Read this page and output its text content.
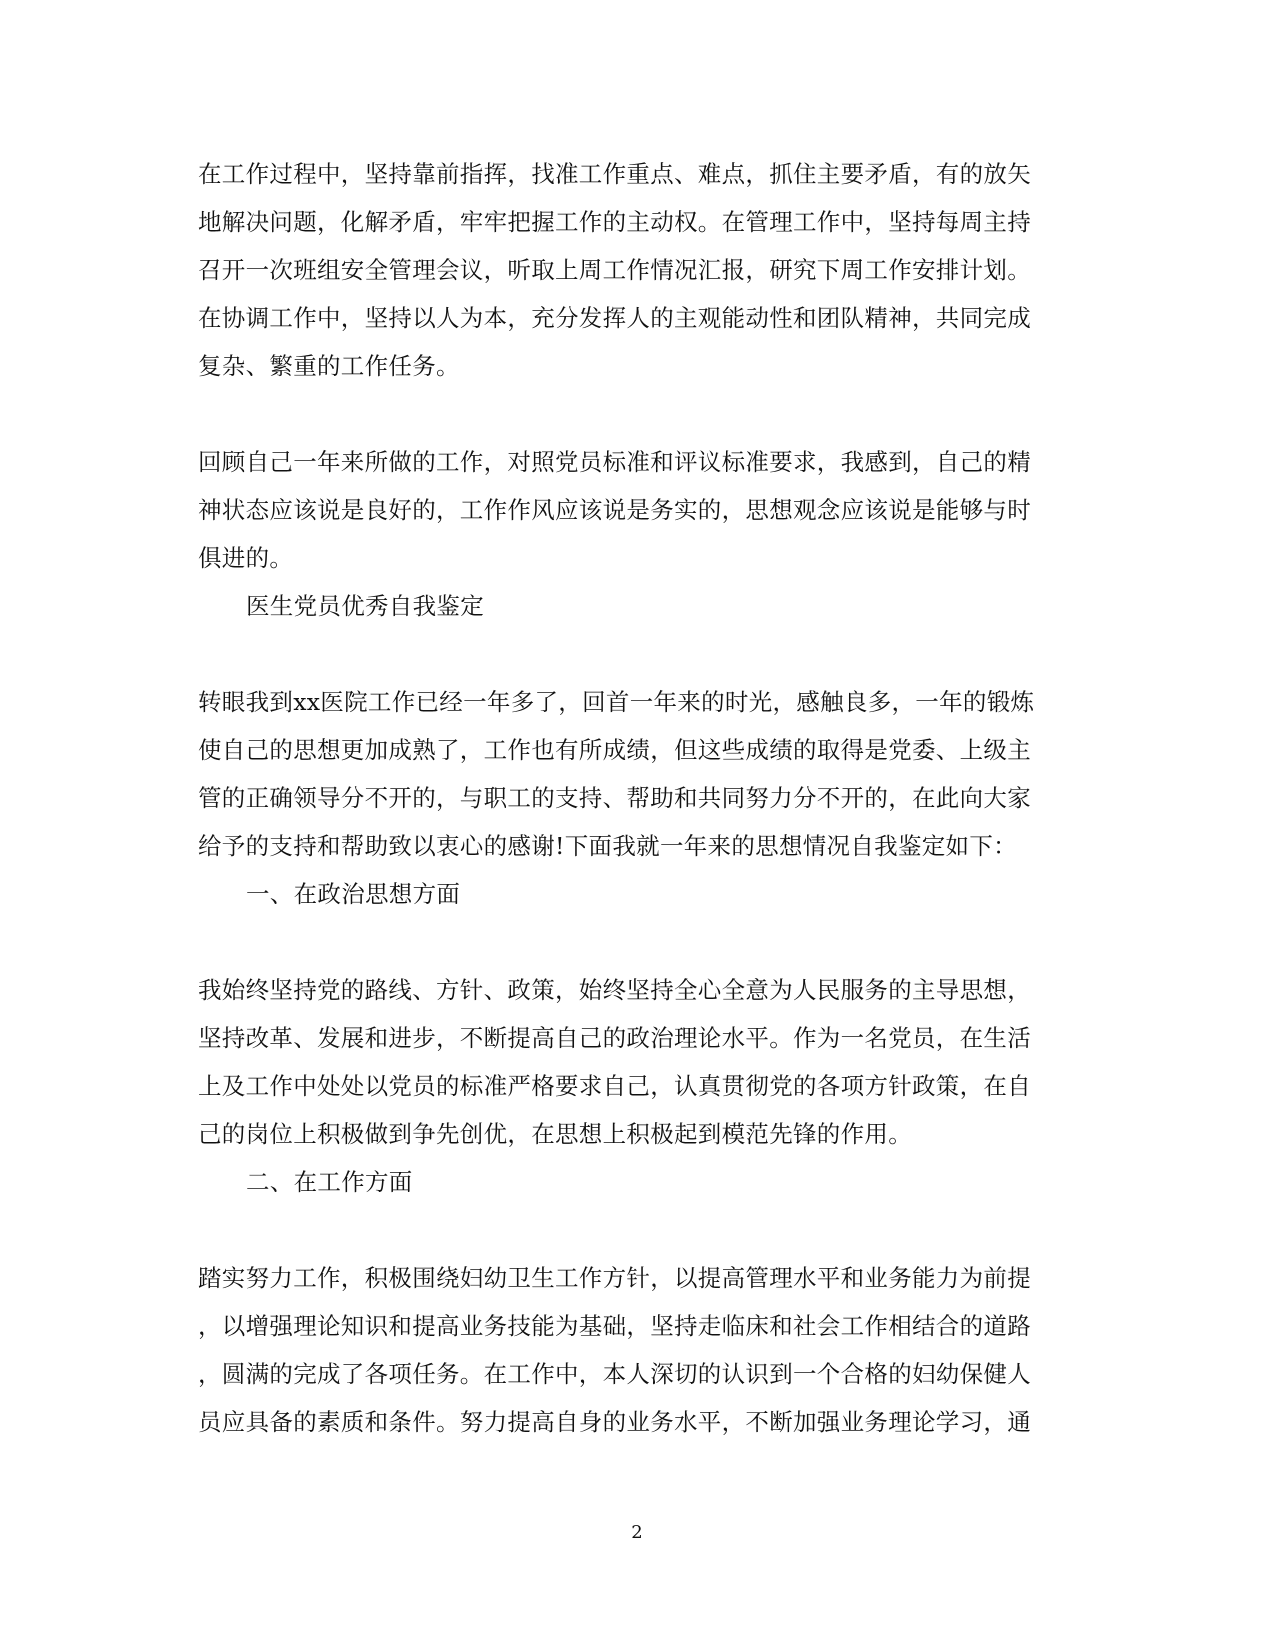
在工作过程中，坚持靠前指挥，找准工作重点、难点，抓住主要矛盾，有的放矢
地解决问题，化解矛盾，牢牢把握工作的主动权。在管理工作中，坚持每周主持
召开一次班组安全管理会议，听取上周工作情况汇报，研究下周工作安排计划。
在协调工作中，坚持以人为本，充分发挥人的主观能动性和团队精神，共同完成
复杂、繁重的工作任务。
回顾自己一年来所做的工作，对照党员标准和评议标准要求，我感到，自己的精
神状态应该说是良好的，工作作风应该说是务实的，思想观念应该说是能够与时
俱进的。
医生党员优秀自我鉴定
转眼我到xx医院工作已经一年多了，回首一年来的时光，感触良多，一年的锻炼
使自己的思想更加成熟了，工作也有所成绩，但这些成绩的取得是党委、上级主
管的正确领导分不开的，与职工的支持、帮助和共同努力分不开的，在此向大家
给予的支持和帮助致以衷心的感谢!下面我就一年来的思想情况自我鉴定如下：
一、在政治思想方面
我始终坚持党的路线、方针、政策，始终坚持全心全意为人民服务的主导思想，
坚持改革、发展和进步，不断提高自己的政治理论水平。作为一名党员，在生活
上及工作中处处以党员的标准严格要求自己，认真贯彻党的各项方针政策，在自
己的岗位上积极做到争先创优，在思想上积极起到模范先锋的作用。
二、在工作方面
踏实努力工作，积极围绕妇幼卫生工作方针，以提高管理水平和业务能力为前提
，以增强理论知识和提高业务技能为基础，坚持走临床和社会工作相结合的道路
，圆满的完成了各项任务。在工作中，本人深切的认识到一个合格的妇幼保健人
员应具备的素质和条件。努力提高自身的业务水平，不断加强业务理论学习，通
2
